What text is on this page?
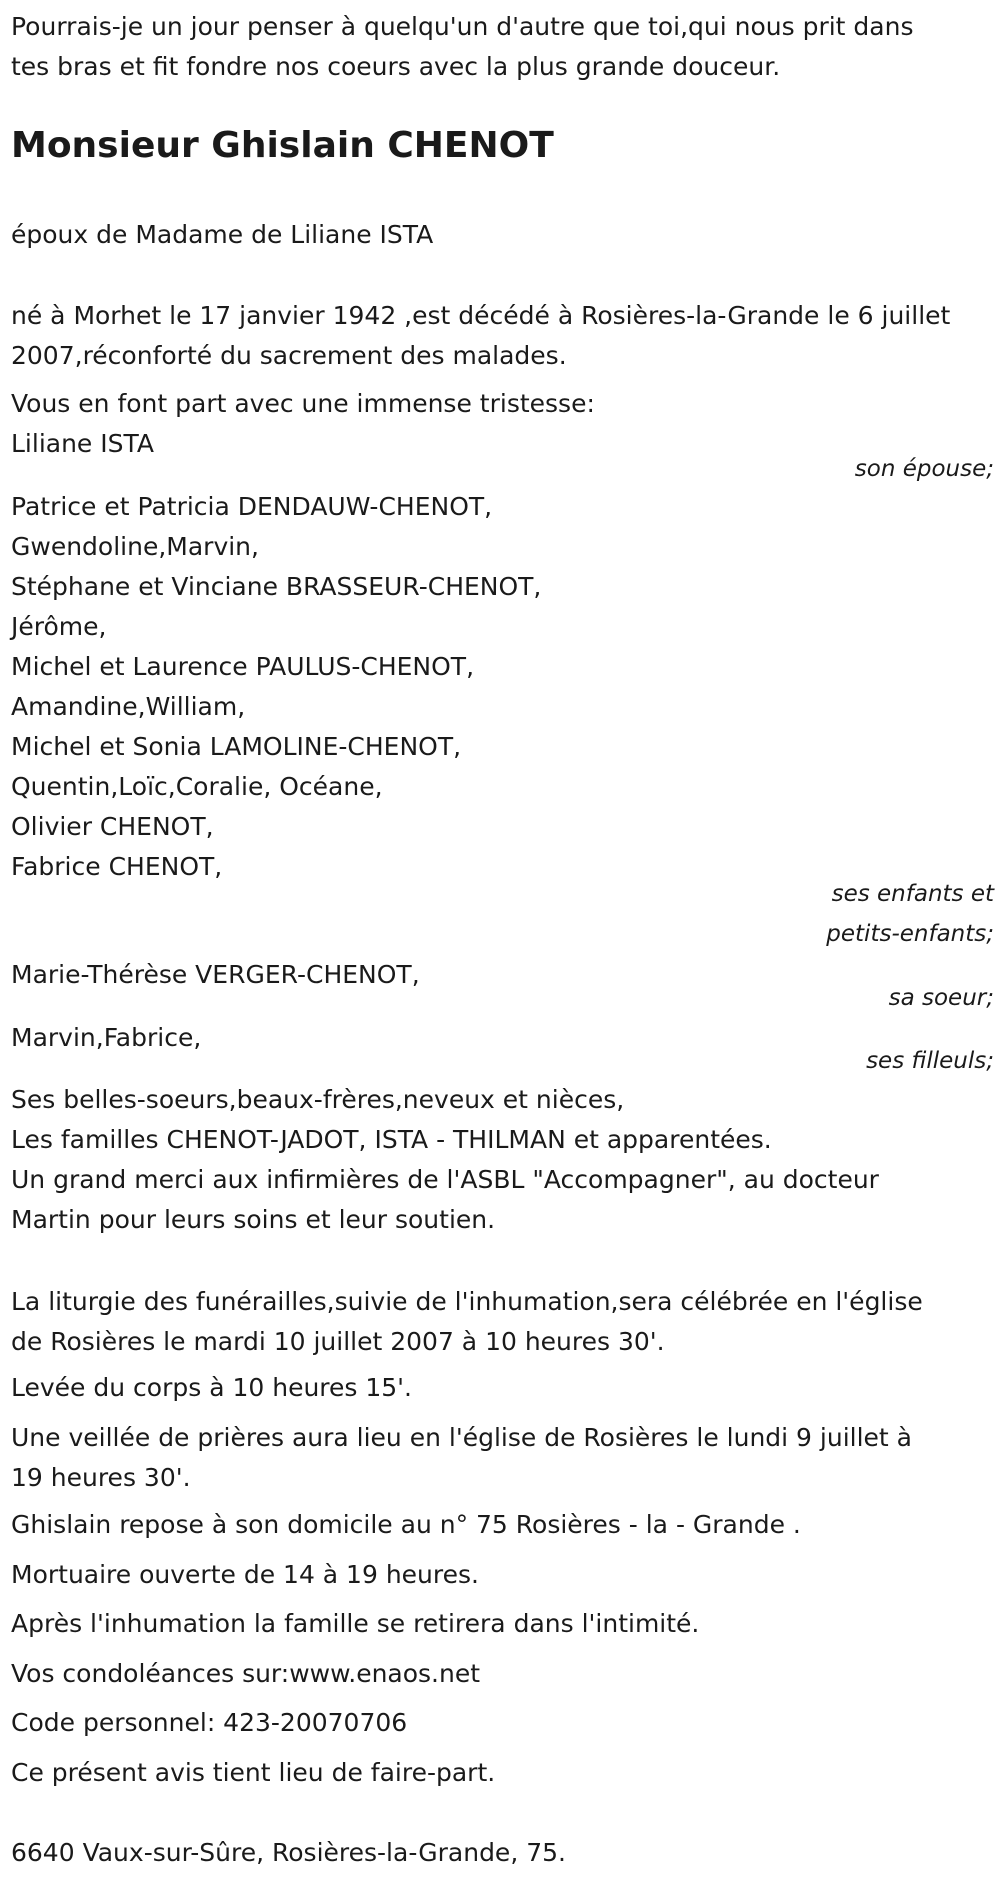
Pourrais-je un jour penser à quelqu'un d'autre que toi,qui nous prit dans
tes bras et fit fondre nos coeurs avec la plus grande douceur.
Monsieur Ghislain CHENOT
époux de Madame de Liliane ISTA
né à Morhet le 17 janvier 1942 ,est décédé à Rosières-la-Grande le 6 juillet
2007,réconforté du sacrement des malades.
Vous en font part avec une immense tristesse:
Liliane ISTA
son épouse;
Patrice et Patricia DENDAUW-CHENOT,
Gwendoline,Marvin,
Stéphane et Vinciane BRASSEUR-CHENOT,
Jérôme,
Michel et Laurence PAULUS-CHENOT,
Amandine,William,
Michel et Sonia LAMOLINE-CHENOT,
Quentin,Loïc,Coralie, Océane,
Olivier CHENOT,
Fabrice CHENOT,
ses enfants et
petits-enfants;
Marie-Thérèse VERGER-CHENOT,
sa soeur;
Marvin,Fabrice,
ses filleuls;
Ses belles-soeurs,beaux-frères,neveux et nièces,
Les familles CHENOT-JADOT, ISTA - THILMAN et apparentées.
Un grand merci aux infirmières de l'ASBL "Accompagner", au docteur
Martin pour leurs soins et leur soutien.
La liturgie des funérailles,suivie de l'inhumation,sera célébrée en l'église
de Rosières le mardi 10 juillet 2007 à 10 heures 30'.
Levée du corps à 10 heures 15'.
Une veillée de prières aura lieu en l'église de Rosières le lundi 9 juillet à
19 heures 30'.
Ghislain repose à son domicile au n° 75 Rosières - la - Grande .
Mortuaire ouverte de 14 à 19 heures.
Après l'inhumation la famille se retirera dans l'intimité.
Vos condoléances sur:www.enaos.net
Code personnel: 423-20070706
Ce présent avis tient lieu de faire-part.
6640 Vaux-sur-Sûre, Rosières-la-Grande, 75.
